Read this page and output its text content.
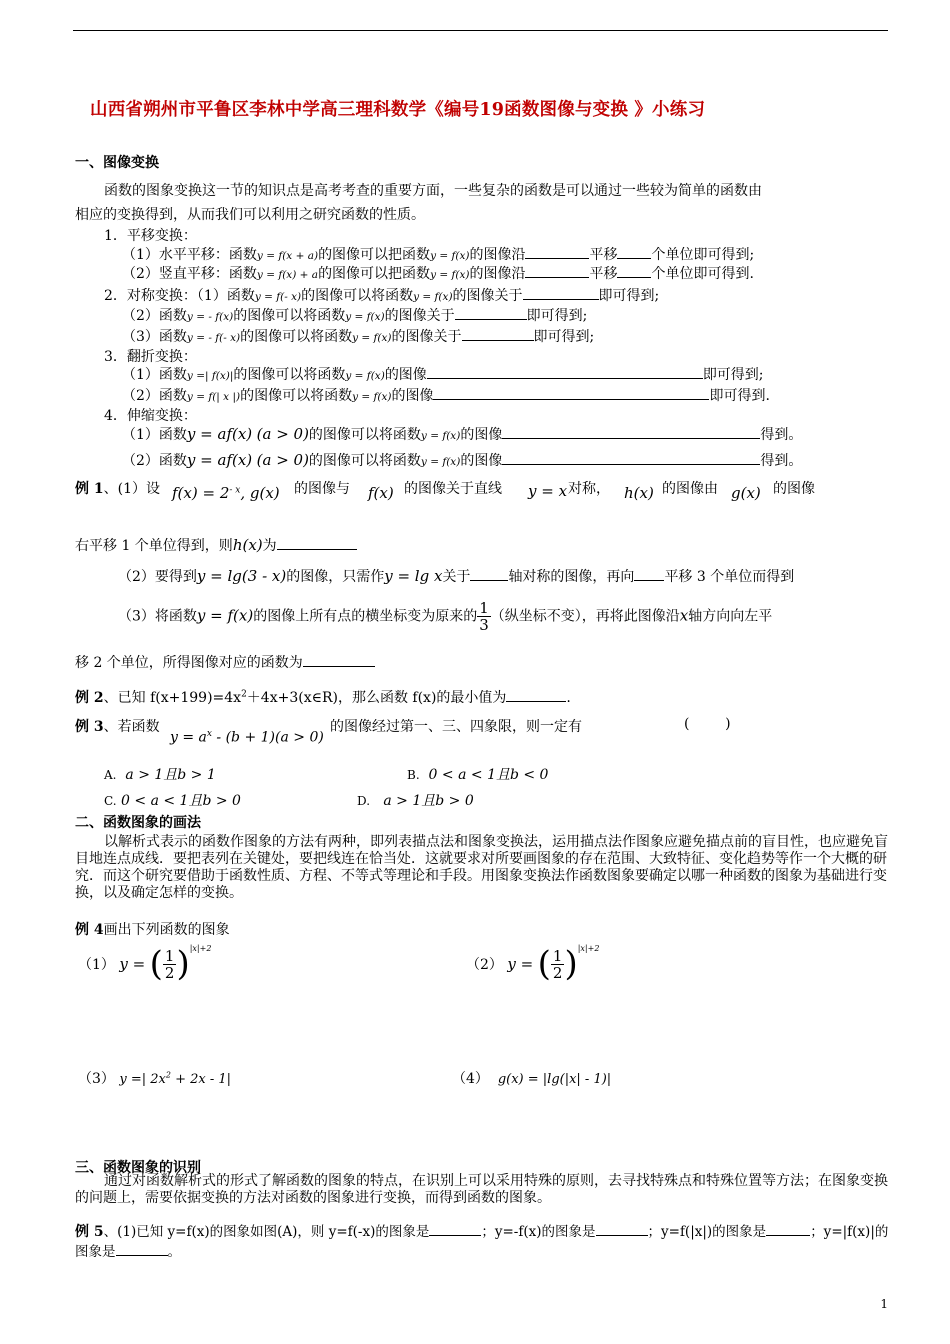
山西省朔州市平鲁区李林中学高三理科数学《编号19函数图像与变换 》小练习
一、图像变换
函数的图象变换这一节的知识点是高考考查的重要方面，一些复杂的函数是可以通过一些较为简单的函数由
相应的变换得到，从而我们可以利用之研究函数的性质。
1．平移变换：
（1）水平平移：函数y = f(x + a)的图像可以把函数y = f(x)的图像沿	平移 个单位即可得到;
（2）竖直平移：函数y = f(x) + a的图像可以把函数y = f(x)的图像沿	平移 个单位即可得到.
2．对称变换：（1）函数y = f(- x)的图像可以将函数y = f(x)的图像关于	即可得到;
（2）函数y = - f(x)的图像可以将函数y = f(x)的图像关于	即可得到;
（3）函数y = - f(- x)的图像可以将函数y = f(x)的图像关于	即可得到;
3．翻折变换：
（1）函数y =| f(x)|的图像可以将函数y = f(x)的图像	即可得到;
（2）函数y = f(| x |)的图像可以将函数y = f(x)的图像	即可得到.
4．伸缩变换：
（1）函数y = af(x) (a > 0)的图像可以将函数y = f(x)的图像	得到。
（2）函数y = af(x) (a > 0)的图像可以将函数y = f(x)的图像	得到。
例 1、(1）设 $f(x) = 2^{- x}$, g(x) 的图像与 f(x) 的图像关于直线 y = x 对称， h(x) 的图像由 g(x) 的图像
右平移 1 个单位得到，则h(x)为
（2）要得到y = lg(3 - x)的图像，只需作y = lg x关于	轴对称的图像，再向 平移 3 个单位而得到
（3）将函数y = f(x)的图像上所有点的横坐标变为原来的 $\frac{1}{3}$ （纵坐标不变），再将此图像沿x轴方向向左平
移 2 个单位，所得图像对应的函数为
例 2、已知 $f(x+199)=4x^2+4x+3(x\in R)$，那么函数 f(x)的最小值为	.
例 3、若函数
$y = a^x - (b + 1)(a > 0)$
的图像经过第一、三、四象限，则一定有	(        )
A. a > 1且b > 1	B. 0 < a < 1且b < 0
C. 0 < a < 1且b > 0	D. a > 1且b > 0
二、函数图象的画法
以解析式表示的函数作图象的方法有两种，即列表描点法和图象变换法，运用描点法作图象应避免描点前的盲目性，也应避免盲目地连点成线．要把表列在关键处，要把线连在恰当处．这就要求对所要画图象的存在范围、大致特征、变化趋势等作一个大概的研究．而这个研究要借助于函数性质、方程、不等式等理论和手段。用图象变换法作函数图象要确定以哪一种函数的图象为基础进行变换，以及确定怎样的变换。
例 4画出下列函数的图象
（1） y = ( $\frac{1}{2} )^{|x|+2}$
（2） y = ( $\frac{1}{2} )^{|x|+2}$
（3） y =| $2x^2 + 2x - 1|$	（4） g(x) = |lg(|x| - 1)|
三、函数图象的识别
通过对函数解析式的形式了解函数的图象的特点，在识别上可以采用特殊的原则，去寻找特殊点和特殊位置等方法；在图象变换的问题上，需要依据变换的方法对函数的图象进行变换，而得到函数的图象。
例 5、(1)已知 y=f(x)的图象如图(A)，则 y=f(-x)的图象是	；y=-f(x)的图象是	；y=f(|x|)的图象是	；y=|f(x)|的图象是	。
1
